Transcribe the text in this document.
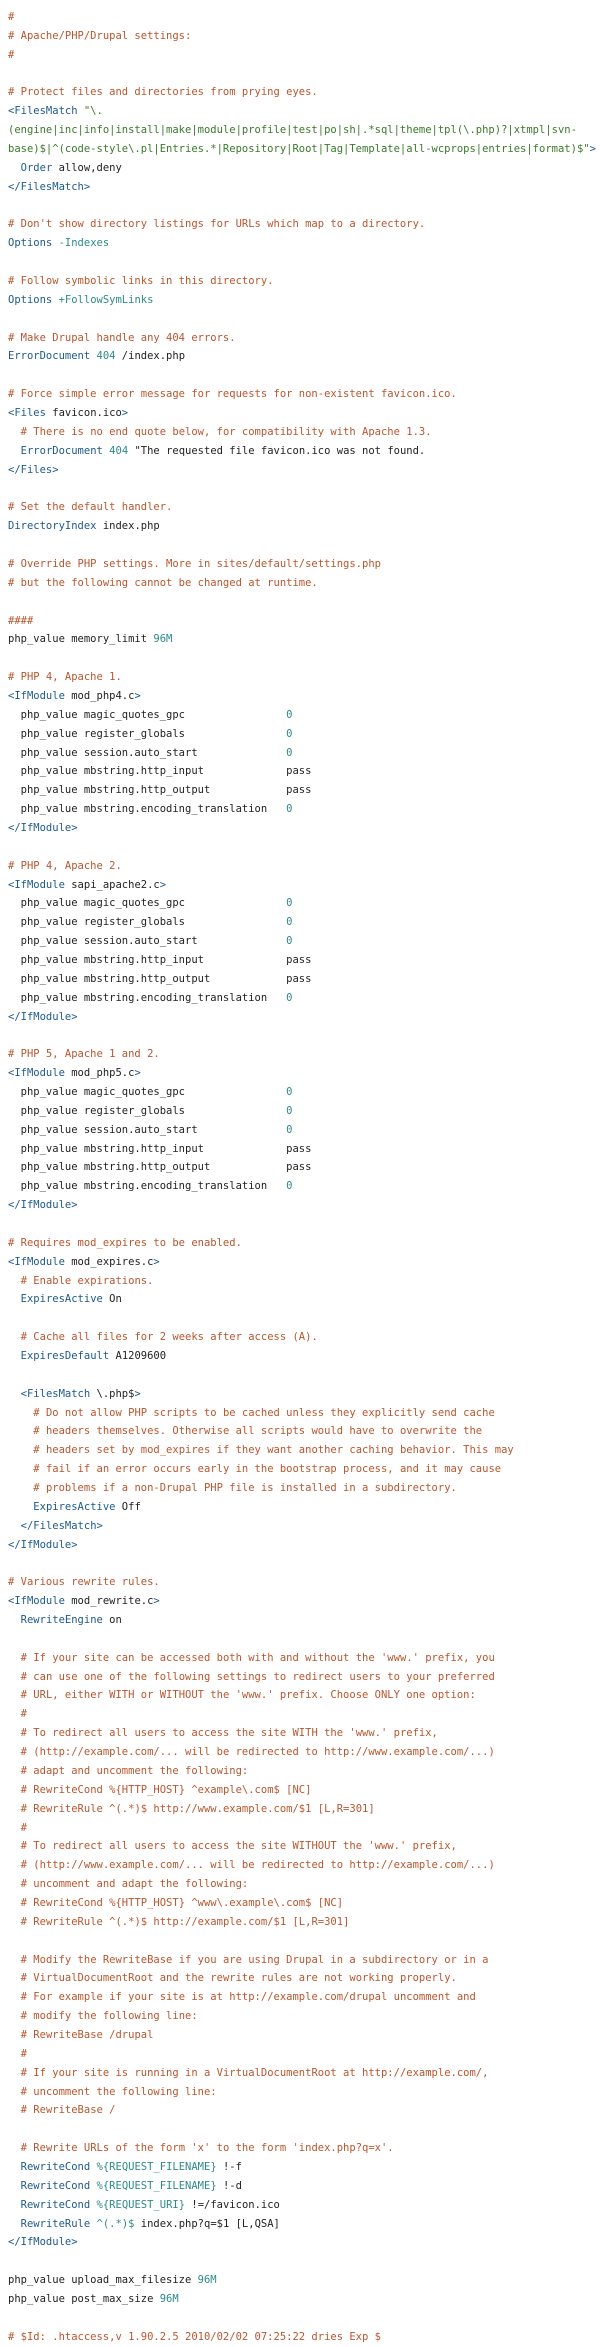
#
# Apache/PHP/Drupal settings:
#

# Protect files and directories from prying eyes.
<FilesMatch "\.(engine|inc|info|install|make|module|profile|test|po|sh|.*sql|theme|tpl(\.php)?|xtmpl|svn-base)$|^(code-style\.pl|Entries.*|Repository|Root|Tag|Template|all-wcprops|entries|format)$">
Order allow,deny
</FilesMatch>

# Don't show directory listings for URLs which map to a directory.
Options -Indexes

# Follow symbolic links in this directory.
Options +FollowSymLinks

# Make Drupal handle any 404 errors.
ErrorDocument 404 /index.php

# Force simple error message for requests for non-existent favicon.ico.
<Files favicon.ico>
# There is no end quote below, for compatibility with Apache 1.3.
ErrorDocument 404 "The requested file favicon.ico was not found.
</Files>

# Set the default handler.
DirectoryIndex index.php

# Override PHP settings. More in sites/default/settings.php
# but the following cannot be changed at runtime.

####
php_value memory_limit 96M

# PHP 4, Apache 1.
<IfModule mod_php4.c>
php_value magic_quotes_gpc                0
php_value register_globals                0
php_value session.auto_start              0
php_value mbstring.http_input             pass
php_value mbstring.http_output            pass
php_value mbstring.encoding_translation   0
</IfModule>

# PHP 4, Apache 2.
<IfModule sapi_apache2.c>
php_value magic_quotes_gpc                0
php_value register_globals                0
php_value session.auto_start              0
php_value mbstring.http_input             pass
php_value mbstring.http_output            pass
php_value mbstring.encoding_translation   0
</IfModule>

# PHP 5, Apache 1 and 2.
<IfModule mod_php5.c>
php_value magic_quotes_gpc                0
php_value register_globals                0
php_value session.auto_start              0
php_value mbstring.http_input             pass
php_value mbstring.http_output            pass
php_value mbstring.encoding_translation   0
</IfModule>

# Requires mod_expires to be enabled.
<IfModule mod_expires.c>
# Enable expirations.
ExpiresActive On

# Cache all files for 2 weeks after access (A).
ExpiresDefault A1209600

<FilesMatch \.php$>
# Do not allow PHP scripts to be cached unless they explicitly send cache
# headers themselves. Otherwise all scripts would have to overwrite the
# headers set by mod_expires if they want another caching behavior. This may
# fail if an error occurs early in the bootstrap process, and it may cause
# problems if a non-Drupal PHP file is installed in a subdirectory.
ExpiresActive Off
</FilesMatch>
</IfModule>

# Various rewrite rules.
<IfModule mod_rewrite.c>
RewriteEngine on

# If your site can be accessed both with and without the 'www.' prefix, you
# can use one of the following settings to redirect users to your preferred
# URL, either WITH or WITHOUT the 'www.' prefix. Choose ONLY one option:
#
# To redirect all users to access the site WITH the 'www.' prefix,
# (http://example.com/... will be redirected to http://www.example.com/...)
# adapt and uncomment the following:
# RewriteCond %{HTTP_HOST} ^example\.com$ [NC]
# RewriteRule ^(.*)$ http://www.example.com/$1 [L,R=301]
#
# To redirect all users to access the site WITHOUT the 'www.' prefix,
# (http://www.example.com/... will be redirected to http://example.com/...)
# uncomment and adapt the following:
# RewriteCond %{HTTP_HOST} ^www\.example\.com$ [NC]
# RewriteRule ^(.*)$ http://example.com/$1 [L,R=301]

# Modify the RewriteBase if you are using Drupal in a subdirectory or in a
# VirtualDocumentRoot and the rewrite rules are not working properly.
# For example if your site is at http://example.com/drupal uncomment and
# modify the following line:
# RewriteBase /drupal
#
# If your site is running in a VirtualDocumentRoot at http://example.com/,
# uncomment the following line:
# RewriteBase /

# Rewrite URLs of the form 'x' to the form 'index.php?q=x'.
RewriteCond %{REQUEST_FILENAME} !-f
RewriteCond %{REQUEST_FILENAME} !-d
RewriteCond %{REQUEST_URI} !=/favicon.ico
RewriteRule ^(.*)$ index.php?q=$1 [L,QSA]
</IfModule>

php_value upload_max_filesize 96M
php_value post_max_size 96M

# $Id: .htaccess,v 1.90.2.5 2010/02/02 07:25:22 dries Exp $
